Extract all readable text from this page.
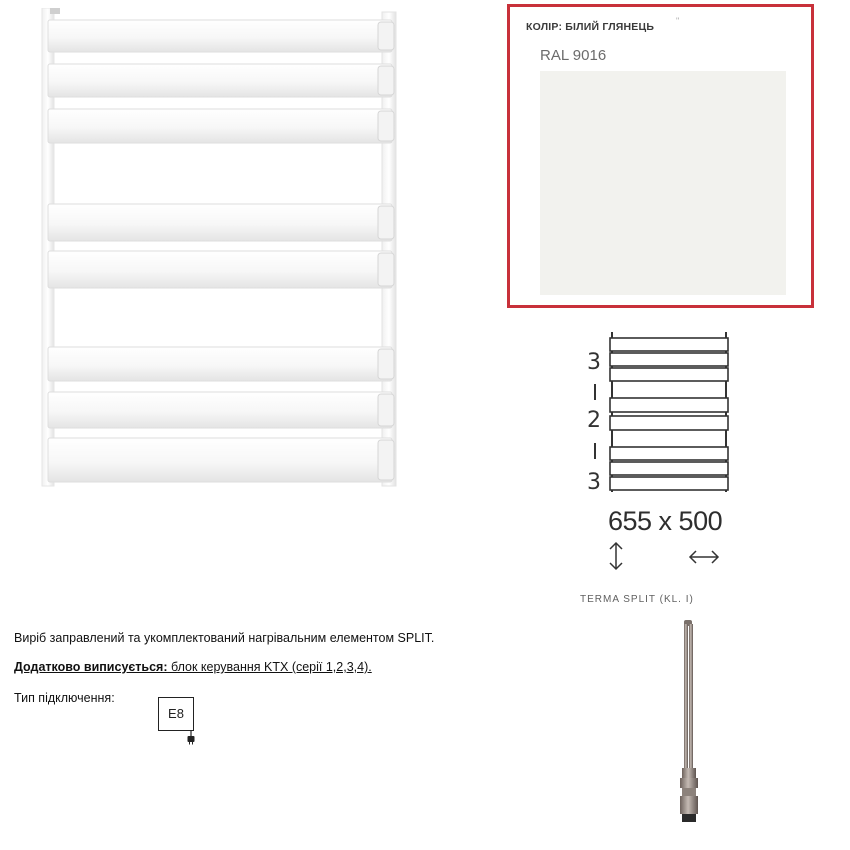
КОЛІР: БІЛИЙ ГЛЯНЕЦЬ "
RAL 9016
3
2
3
655 x 500
TERMA SPLIT (KL. I)
Виріб заправлений та укомплектований нагрівальним елементом SPLIT.
Додатково виписується: блок керування KTX (серії 1,2,3,4).
Тип підключення:
E8
